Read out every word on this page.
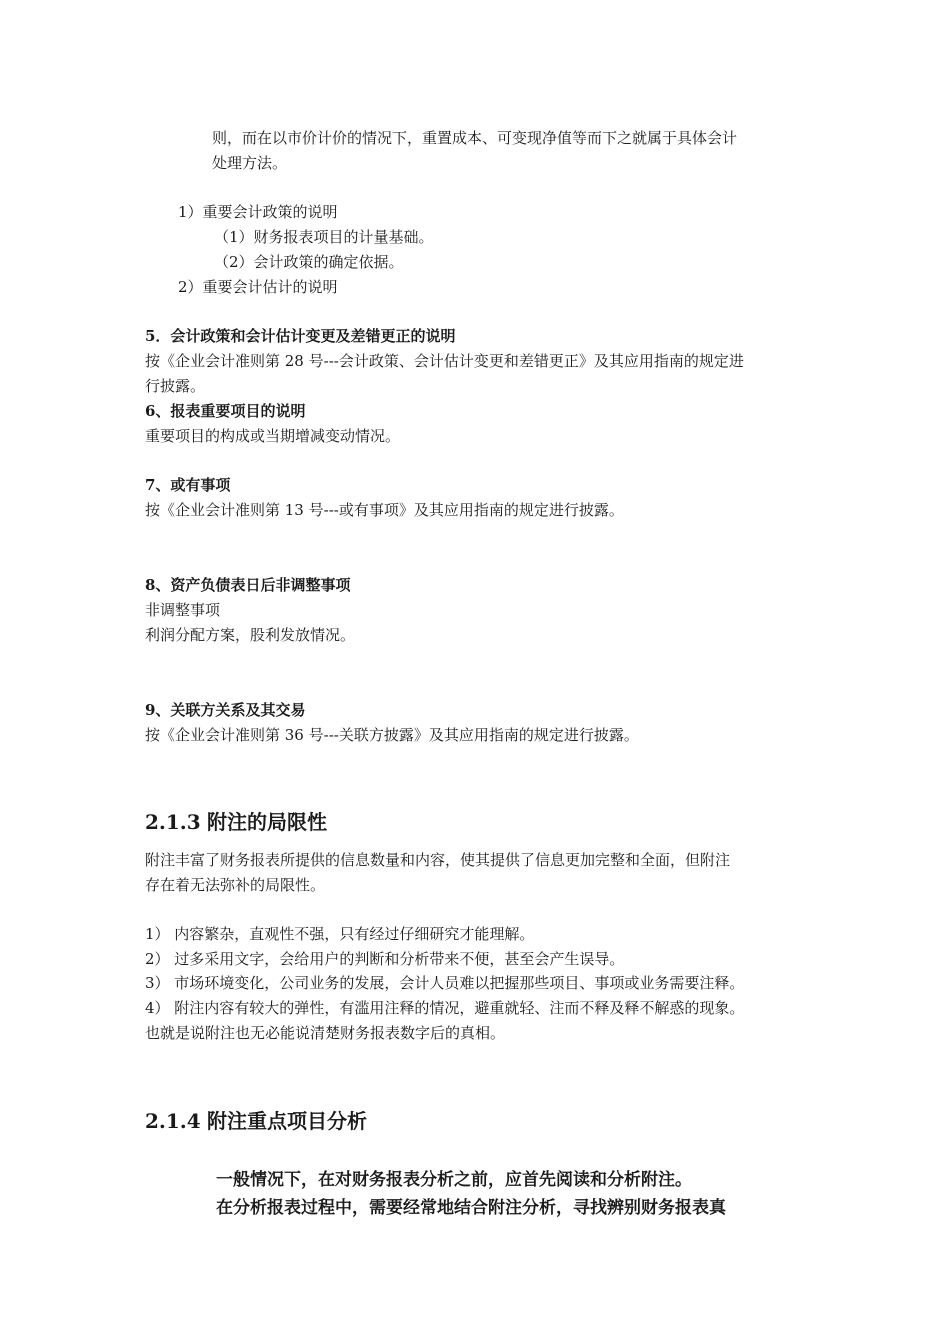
则，而在以市价计价的情况下，重置成本、可变现净值等而下之就属于具体会计
处理方法。
1）重要会计政策的说明
（1）财务报表项目的计量基础。
（2）会计政策的确定依据。
2）重要会计估计的说明
5．会计政策和会计估计变更及差错更正的说明
按《企业会计准则第 28 号---会计政策、会计估计变更和差错更正》及其应用指南的规定进
行披露。
6、报表重要项目的说明
重要项目的构成或当期增减变动情况。
7、或有事项
按《企业会计准则第 13 号---或有事项》及其应用指南的规定进行披露。
8、资产负债表日后非调整事项
非调整事项
利润分配方案，股利发放情况。
9、关联方关系及其交易
按《企业会计准则第 36 号---关联方披露》及其应用指南的规定进行披露。
2.1.3 附注的局限性
附注丰富了财务报表所提供的信息数量和内容，使其提供了信息更加完整和全面，但附注
存在着无法弥补的局限性。
1） 内容繁杂，直观性不强，只有经过仔细研究才能理解。
2） 过多采用文字，会给用户的判断和分析带来不便，甚至会产生误导。
3） 市场环境变化，公司业务的发展，会计人员难以把握那些项目、事项或业务需要注释。
4） 附注内容有较大的弹性，有滥用注释的情况，避重就轻、注而不释及释不解惑的现象。
也就是说附注也无必能说清楚财务报表数字后的真相。
2.1.4 附注重点项目分析
一般情况下，在对财务报表分析之前，应首先阅读和分析附注。
在分析报表过程中，需要经常地结合附注分析，寻找辨别财务报表真
